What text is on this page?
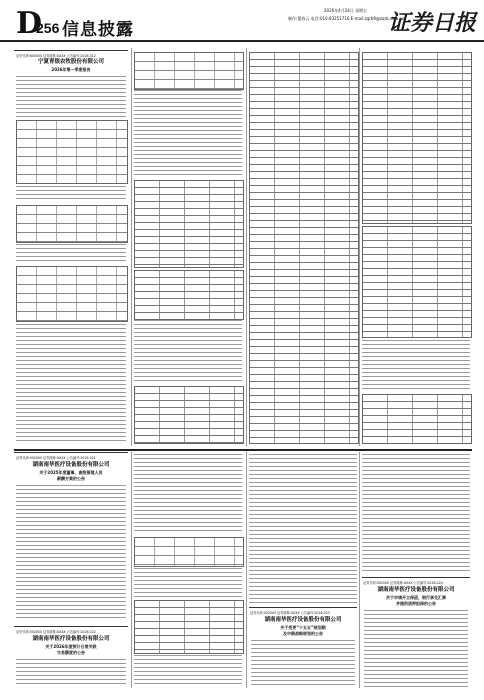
D
256 信息披露
2026年4月24日 星期五
制作:董春云 电话:010-83251716 E-mail:zqrb9@zqrb.sina.net
证券日报
证券代码:600000 证券简称:XXXX 公告编号:2026-012
宁夏青银农牧股份有限公司
2026年第一季度报告
证券代码:002000 证券简称:XXXX 公告编号:2026-021
湖南南华医疗设备股份有限公司
关于2025年度董事、高级管理人员
薪酬方案的公告
证券代码:002000 证券简称:XXXX 公告编号:2026-022
湖南南华医疗设备股份有限公司
关于2026年度预计日常关联
交易额度的公告
证券代码:002000 证券简称:XXXX 公告编号:2026-023
湖南南华医疗设备股份有限公司
关于变更“十五五”规划期
及中期战略规划的公告
证券代码:002000 证券简称:XXXX 公告编号:2026-024
湖南南华医疗设备股份有限公司
关于申请开立保函、银行承兑汇票
并提供质押担保的公告
